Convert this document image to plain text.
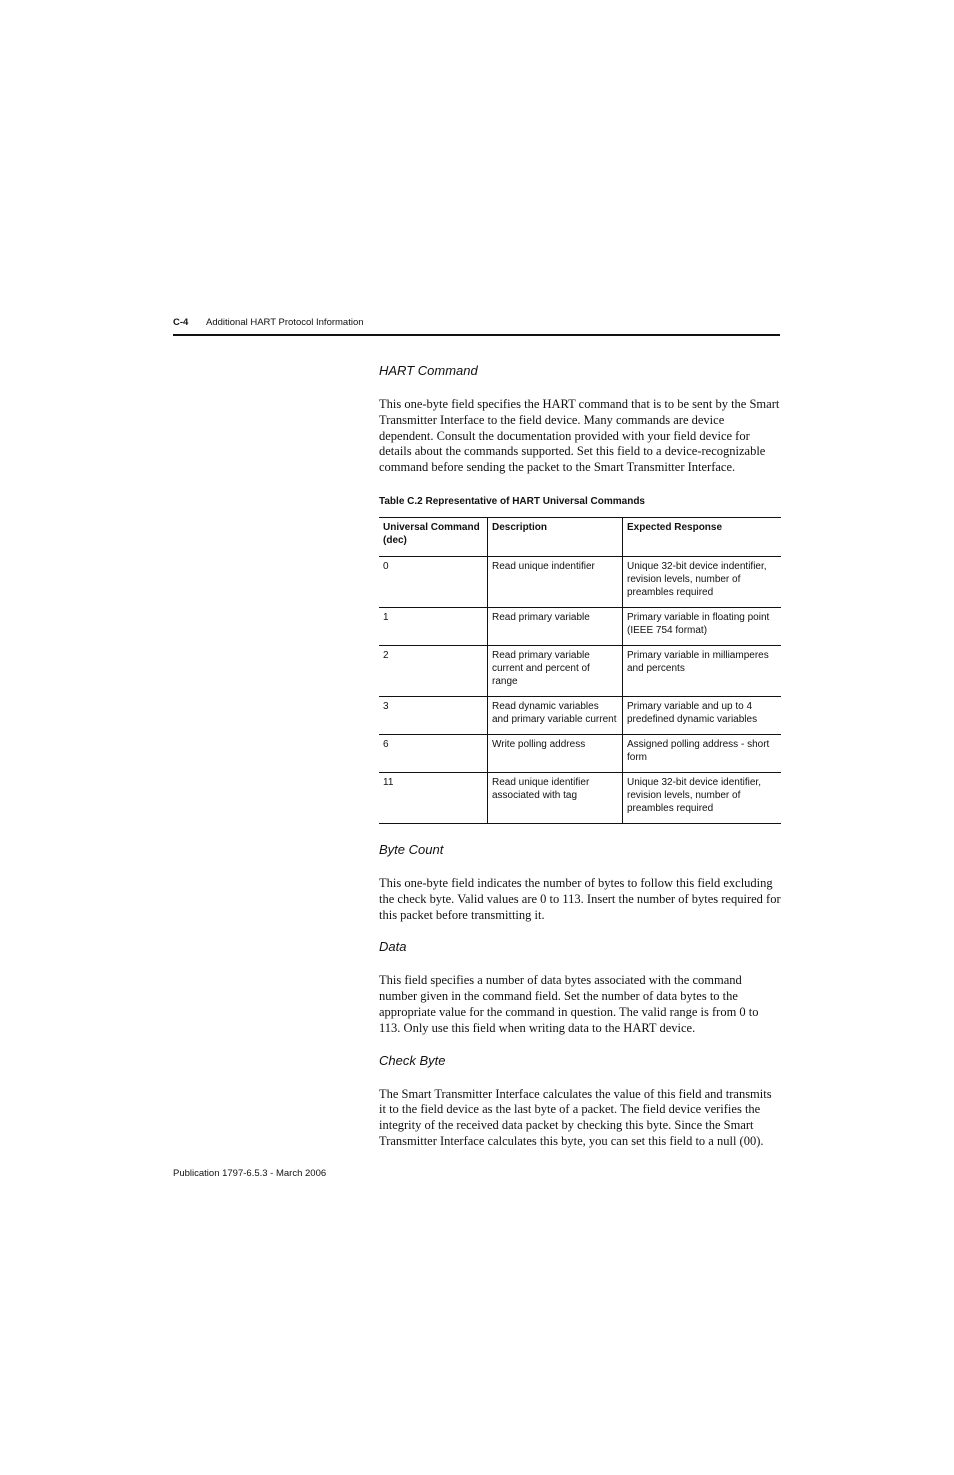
C-4 Additional HART Protocol Information
HART Command

This one-byte field specifies the HART command that is to be sent by the Smart Transmitter Interface to the field device. Many commands are device dependent. Consult the documentation provided with your field device for details about the commands supported. Set this field to a device-recognizable command before sending the packet to the Smart Transmitter Interface.

Table C.2 Representative of HART Universal Commands
Universal Command (dec)	Description	Expected Response
0	Read unique indentifier	Unique 32-bit device indentifier, revision levels, number of preambles required
1	Read primary variable	Primary variable in floating point (IEEE 754 format)
2	Read primary variable current and percent of range	Primary variable in milliamperes and percents
3	Read dynamic variables and primary variable current	Primary variable and up to 4 predefined dynamic variables
6	Write polling address	Assigned polling address - short form
11	Read unique identifier associated with tag	Unique 32-bit device identifier, revision levels, number of preambles required
Byte Count

This one-byte field indicates the number of bytes to follow this field excluding the check byte. Valid values are 0 to 113. Insert the number of bytes required for this packet before transmitting it.

Data

This field specifies a number of data bytes associated with the command number given in the command field. Set the number of data bytes to the appropriate value for the command in question. The valid range is from 0 to 113. Only use this field when writing data to the HART device.

Check Byte

The Smart Transmitter Interface calculates the value of this field and transmits it to the field device as the last byte of a packet. The field device verifies the integrity of the received data packet by checking this byte. Since the Smart Transmitter Interface calculates this byte, you can set this field to a null (00).

Publication 1797-6.5.3 - March 2006
